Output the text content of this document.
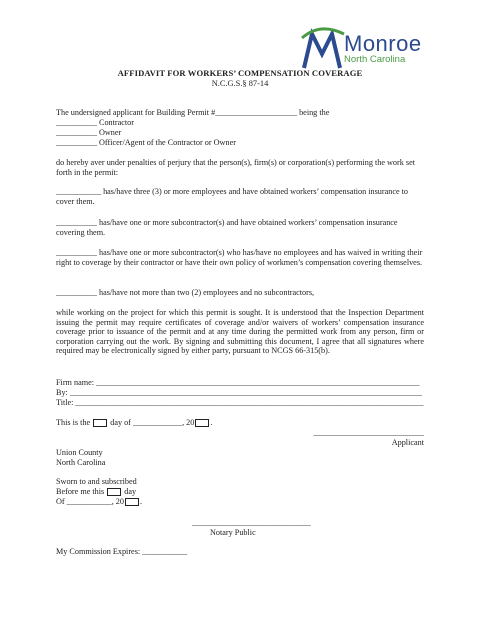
Monroe
North Carolina
AFFIDAVIT FOR WORKERS’ COMPENSATION COVERAGE
N.C.G.S.§ 87-14
The undersigned applicant for Building Permit #____________________ being the
__________ Contractor
__________ Owner
__________ Officer/Agent of the Contractor or Owner
do hereby aver under penalties of perjury that the person(s), firm(s) or corporation(s) performing the work set forth in the permit:
___________ has/have three (3) or more employees and have obtained workers’ compensation insurance to cover them.
__________ has/have one or more subcontractor(s) and have obtained workers’ compensation insurance covering them.
__________ has/have one or more subcontractor(s) who has/have no employees and has waived in writing their right to coverage by their contractor or have their own policy of workmen’s compensation covering themselves.
__________ has/have not more than two (2) employees and no subcontractors,
while working on the project for which this permit is sought. It is understood that the Inspection Department issuing the permit may require certificates of coverage and/or waivers of workers’ compensation insurance coverage prior to issuance of the permit and at any time during the permitted work from any person, firm or corporation carrying out the work. By signing and submitting this document, I agree that all signatures where required may be electronically signed by either party, pursuant to NCGS 66-315(b).
Firm name: _______________________________________________________________________________
By: ______________________________________________________________________________________
Title: _____________________________________________________________________________________
This is the day of ____________, 20 .
___________________________
Applicant
Union County
North Carolina
Sworn to and subscribed
Before me this day
Of ___________, 20 .
_____________________________
Notary Public
My Commission Expires: ___________
